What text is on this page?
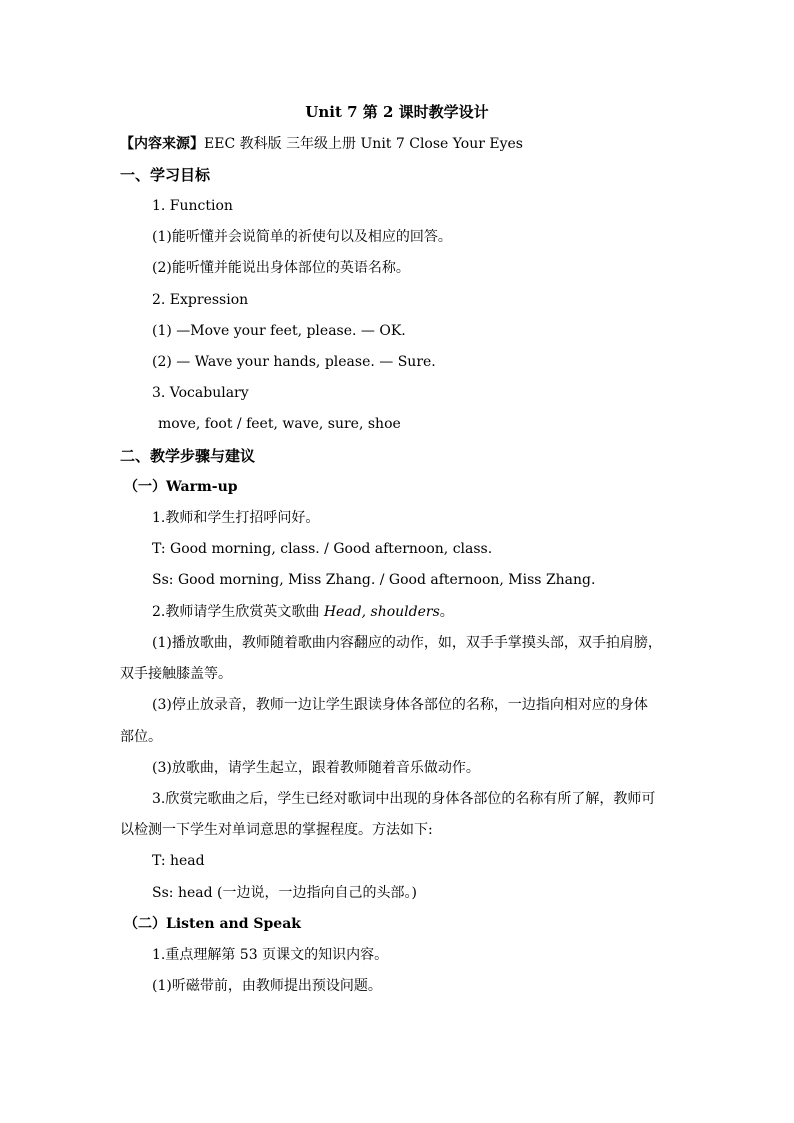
Unit 7 第 2 课时教学设计
【内容来源】EEC 教科版 三年级上册 Unit 7 Close Your Eyes
一、学习目标
1. Function
(1)能听懂并会说简单的祈使句以及相应的回答。
(2)能听懂并能说出身体部位的英语名称。
2. Expression
(1) —Move your feet, please. — OK.
(2) — Wave your hands, please. — Sure.
3. Vocabulary
move, foot / feet, wave, sure, shoe
二、教学步骤与建议
（一）Warm-up
1.教师和学生打招呼问好。
T: Good morning, class. / Good afternoon, class.
Ss: Good morning, Miss Zhang. / Good afternoon, Miss Zhang.
2.教师请学生欣赏英文歌曲 Head, shoulders。
(1)播放歌曲，教师随着歌曲内容翻应的动作，如，双手手掌摸头部，双手拍肩膀，
双手接触膝盖等。
(3)停止放录音，教师一边让学生跟读身体各部位的名称，一边指向相对应的身体
部位。
(3)放歌曲，请学生起立，跟着教师随着音乐做动作。
3.欣赏完歌曲之后，学生已经对歌词中出现的身体各部位的名称有所了解，教师可
以检测一下学生对单词意思的掌握程度。方法如下:
T: head
Ss: head (一边说，一边指向自己的头部。)
（二）Listen and Speak
1.重点理解第 53 页课文的知识内容。
(1)听磁带前，由教师提出预设问题。
